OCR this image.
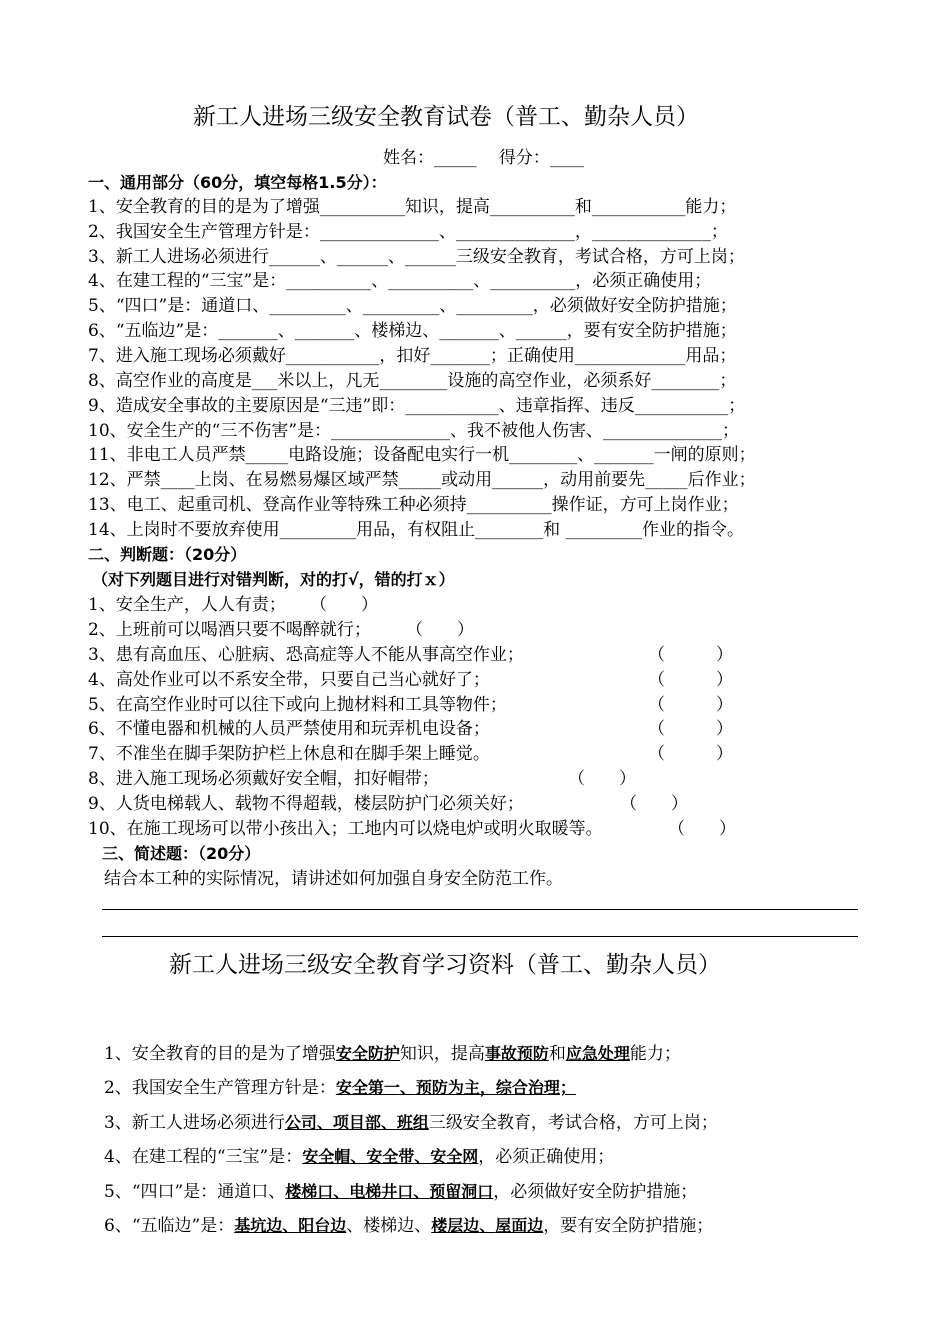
新工人进场三级安全教育试卷（普工、勤杂人员）
姓名：_____　 得分：____
一、通用部分（60分，填空每格1.5分）：
1、安全教育的目的是为了增强__________知识，提高__________和___________能力；
2、我国安全生产管理方针是：______________、______________，______________；
3、新工人进场必须进行______、______、______三级安全教育，考试合格，方可上岗；
4、在建工程的“三宝”是：__________、__________、__________，必须正确使用；
5、“四口”是：通道口、_________、_________、_________，必须做好安全防护措施；
6、“五临边”是：_______、_______、楼梯边、_______、______，要有安全防护措施；
7、进入施工现场必须戴好___________，扣好_______；正确使用_____________用品；
8、高空作业的高度是___米以上，凡无________设施的高空作业，必须系好________；
9、造成安全事故的主要原因是“三违”即：___________、违章指挥、违反___________；
10、安全生产的“三不伤害”是：______________、我不被他人伤害、______________；
11、非电工人员严禁_____电路设施；设备配电实行一机________、_______一闸的原则；
12、严禁____上岗、在易燃易爆区域严禁_____或动用______，动用前要先_____后作业；
13、电工、起重司机、登高作业等特殊工种必须持__________操作证，方可上岗作业；
14、上岗时不要放弃使用_________用品，有权阻止________和 _________作业的指令。
二、判断题：（20分）
（对下列题目进行对错判断，对的打√，错的打ｘ）
1、安全生产，人人有责； （　　）
2、上班前可以喝酒只要不喝醉就行； （　　）
3、患有高血压、心脏病、恐高症等人不能从事高空作业；	（　　　）
4、高处作业可以不系安全带，只要自己当心就好了；	（　　　）
5、在高空作业时可以往下或向上抛材料和工具等物件；	（　　　）
6、不懂电器和机械的人员严禁使用和玩弄机电设备；	（　　　）
7、不准坐在脚手架防护栏上休息和在脚手架上睡觉。	（　　　）
8、进入施工现场必须戴好安全帽，扣好帽带；	（　　）
9、人货电梯载人、载物不得超载，楼层防护门必须关好；	（　　）
10、在施工现场可以带小孩出入；工地内可以烧电炉或明火取暖等。	（　　）
三、简述题：（20分）
结合本工种的实际情况，请讲述如何加强自身安全防范工作。
新工人进场三级安全教育学习资料（普工、勤杂人员）
1、安全教育的目的是为了增强安全防护知识，提高事故预防和应急处理能力；
2、我国安全生产管理方针是：安全第一、预防为主，综合治理；
3、新工人进场必须进行公司、项目部、班组三级安全教育，考试合格，方可上岗；
4、在建工程的“三宝”是：安全帽、安全带、安全网，必须正确使用；
5、“四口”是：通道口、楼梯口、电梯井口、预留洞口，必须做好安全防护措施；
6、“五临边”是：基坑边、阳台边、楼梯边、楼层边、屋面边，要有安全防护措施；
